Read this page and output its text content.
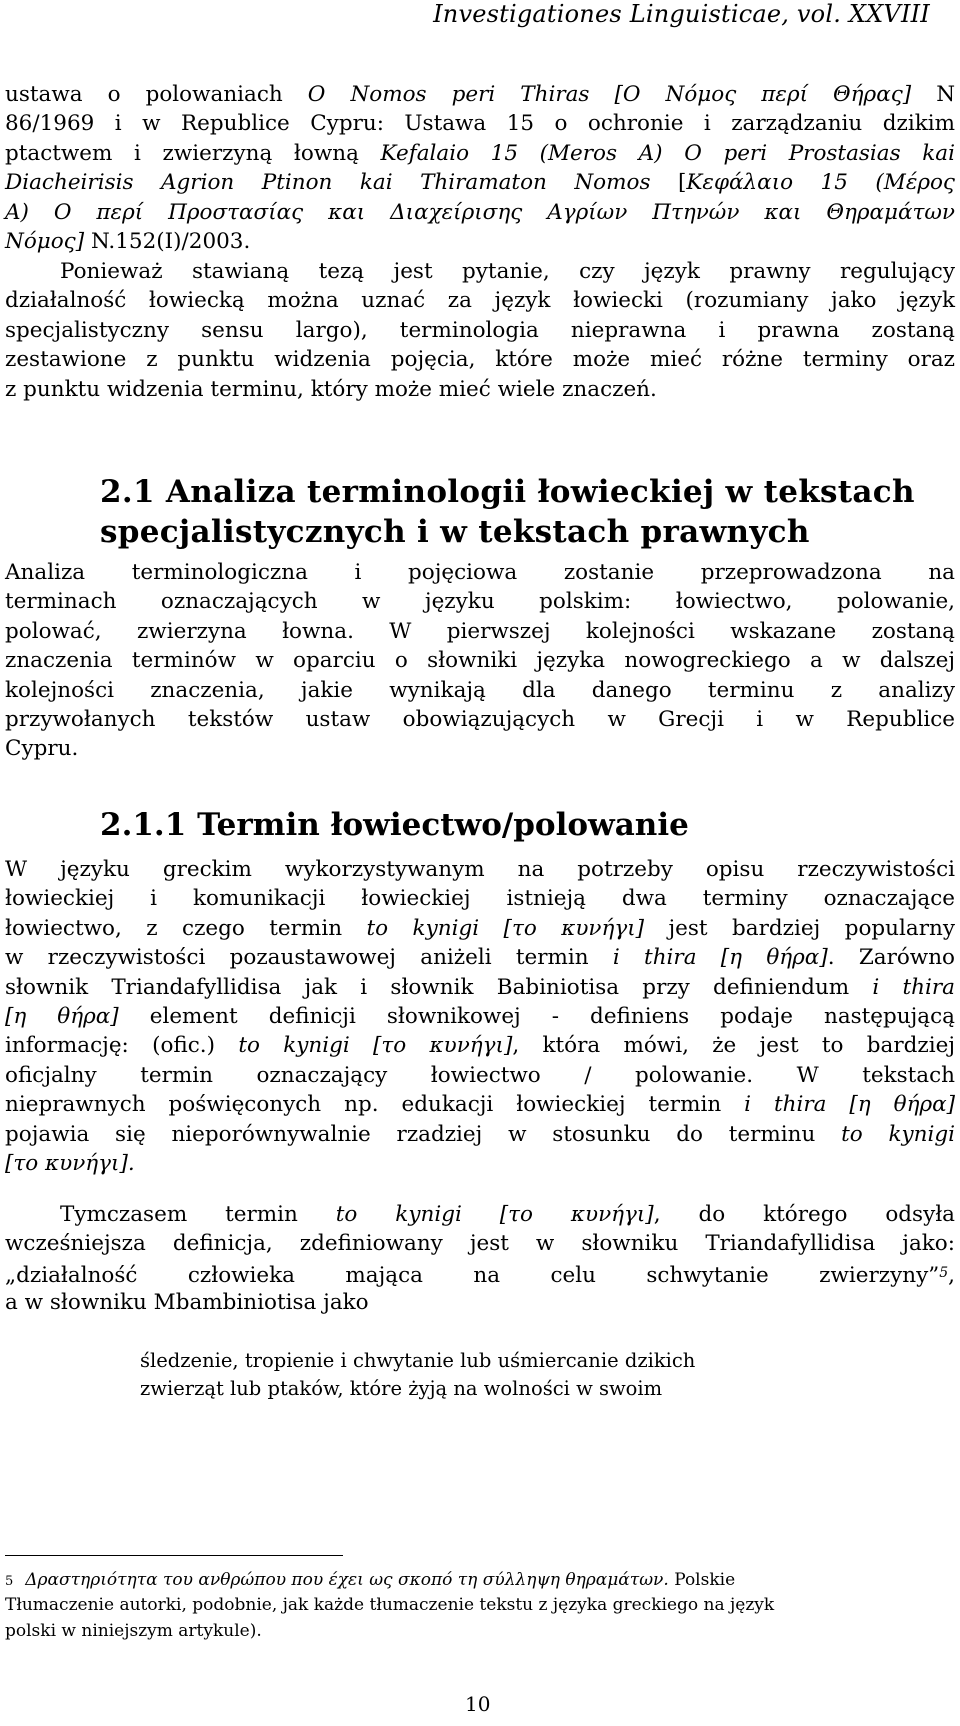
Investigationes Linguisticae, vol. XXVIII
ustawa o polowaniach O Nomos peri Thiras [Ο Νόμος περί Θήρας] N
86/1969 i w Republice Cypru: Ustawa 15 o ochronie i zarządzaniu dzikim
ptactwem i zwierzyną łowną Kefalaio 15 (Meros A) O peri Prostasias kai
Diacheirisis Agrion Ptinon kai Thiramaton Nomos [Κεφάλαιο 15 (Μέρος
Α) Ο περί Προστασίας και Διαχείρισης Αγρίων Πτηνών και Θηραμάτων
Νόμος] N.152(I)/2003.
Ponieważ stawianą tezą jest pytanie, czy język prawny regulujący
działalność łowiecką można uznać za język łowiecki (rozumiany jako język
specjalistyczny sensu largo), terminologia nieprawna i prawna zostaną
zestawione z punktu widzenia pojęcia, które może mieć różne terminy oraz
z punktu widzenia terminu, który może mieć wiele znaczeń.
2.1 Analiza terminologii łowieckiej w tekstach
specjalistycznych i w tekstach prawnych
Analiza terminologiczna i pojęciowa zostanie przeprowadzona na
terminach oznaczających w języku polskim: łowiectwo, polowanie,
polować, zwierzyna łowna. W pierwszej kolejności wskazane zostaną
znaczenia terminów w oparciu o słowniki języka nowogreckiego a w dalszej
kolejności znaczenia, jakie wynikają dla danego terminu z analizy
przywołanych tekstów ustaw obowiązujących w Grecji i w Republice
Cypru.
2.1.1 Termin łowiectwo/polowanie
W języku greckim wykorzystywanym na potrzeby opisu rzeczywistości
łowieckiej i komunikacji łowieckiej istnieją dwa terminy oznaczające
łowiectwo, z czego termin to kynigi [το κυνήγι] jest bardziej popularny
w rzeczywistości pozaustawowej aniżeli termin i thira [η θήρα]. Zarówno
słownik Triandafyllidisa jak i słownik Babiniotisa przy definiendum i thira
[η θήρα] element definicji słownikowej - definiens podaje następującą
informację: (ofic.) to kynigi [το κυνήγι], która mówi, że jest to bardziej
oficjalny termin oznaczający łowiectwo / polowanie. W tekstach
nieprawnych poświęconych np. edukacji łowieckiej termin i thira [η θήρα]
pojawia się nieporównywalnie rzadziej w stosunku do terminu to kynigi
[το κυνήγι].
Tymczasem termin to kynigi [το κυνήγι], do którego odsyła
wcześniejsza definicja, zdefiniowany jest w słowniku Triandafyllidisa jako:
„działalność człowieka mająca na celu schwytanie zwierzyny”$^5$,
a w słowniku Mbambiniotisa jako
śledzenie, tropienie i chwytanie lub uśmiercanie dzikich
zwierząt lub ptaków, które żyją na wolności w swoim
5 Δραστηριότητα του ανθρώπου που έχει ως σκοπό τη σύλληψη θηραμάτων. Polskie
Tłumaczenie autorki, podobnie, jak każde tłumaczenie tekstu z języka greckiego na język
polski w niniejszym artykule).
10
